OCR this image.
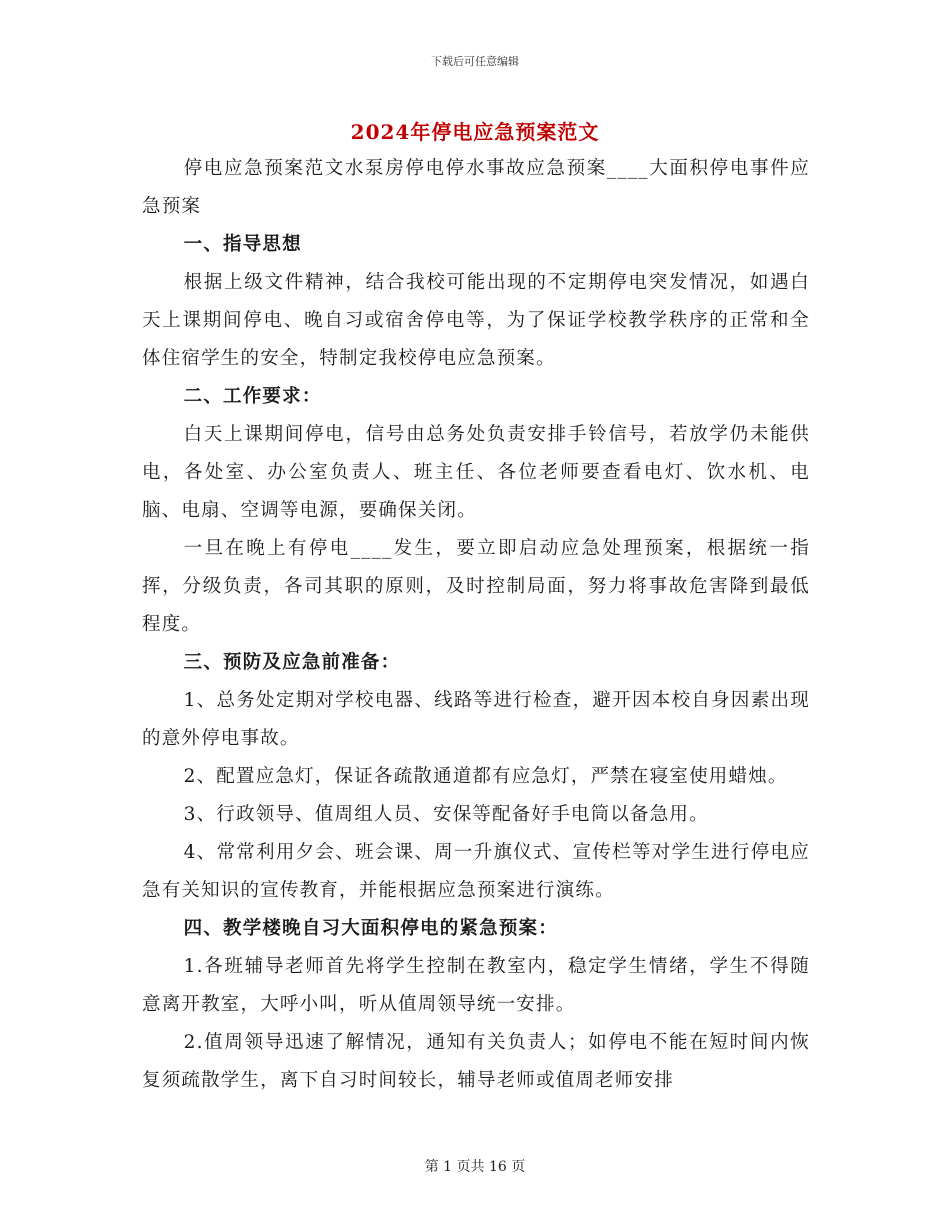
下载后可任意编辑
2024年停电应急预案范文

停电应急预案范文水泵房停电停水事故应急预案____大面积停电事件应急预案

一、指导思想

根据上级文件精神，结合我校可能出现的不定期停电突发情况，如遇白天上课期间停电、晚自习或宿舍停电等，为了保证学校教学秩序的正常和全体住宿学生的安全，特制定我校停电应急预案。

二、工作要求：

白天上课期间停电，信号由总务处负责安排手铃信号，若放学仍未能供电，各处室、办公室负责人、班主任、各位老师要查看电灯、饮水机、电脑、电扇、空调等电源，要确保关闭。

一旦在晚上有停电____发生，要立即启动应急处理预案，根据统一指挥，分级负责，各司其职的原则，及时控制局面，努力将事故危害降到最低程度。

三、预防及应急前准备：

1、总务处定期对学校电器、线路等进行检查，避开因本校自身因素出现的意外停电事故。

2、配置应急灯，保证各疏散通道都有应急灯，严禁在寝室使用蜡烛。

3、行政领导、值周组人员、安保等配备好手电筒以备急用。

4、常常利用夕会、班会课、周一升旗仪式、宣传栏等对学生进行停电应急有关知识的宣传教育，并能根据应急预案进行演练。

四、教学楼晚自习大面积停电的紧急预案：

1.各班辅导老师首先将学生控制在教室内，稳定学生情绪，学生不得随意离开教室，大呼小叫，听从值周领导统一安排。

2.值周领导迅速了解情况，通知有关负责人；如停电不能在短时间内恢复须疏散学生，离下自习时间较长，辅导老师或值周老师安排

第 1 页共 16 页
